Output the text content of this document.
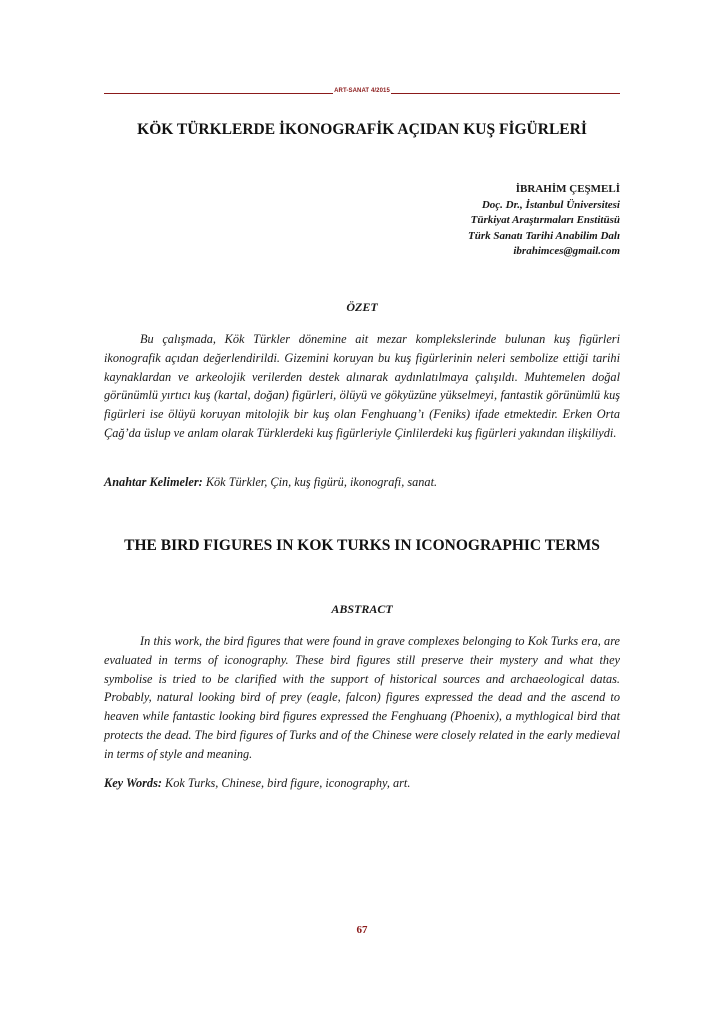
ART-SANAT 4/2015
KÖK TÜRKLERDE İKONOGRAFİK AÇIDAN KUŞ FİGÜRLERİ
İBRAHİM ÇEŞMELİ
Doç. Dr., İstanbul Üniversitesi
Türkiyat Araştırmaları Enstitüsü
Türk Sanatı Tarihi Anabilim Dalı
ibrahimces@gmail.com
ÖZET
Bu çalışmada, Kök Türkler dönemine ait mezar komplekslerinde bulunan kuş figürleri ikonografik açıdan değerlendirildi. Gizemini koruyan bu kuş figürlerinin neleri sembolize ettiği tarihi kaynaklardan ve arkeolojik verilerden destek alınarak aydınlatılmaya çalışıldı. Muhtemelen doğal görünümlü yırtıcı kuş (kartal, doğan) figürleri, ölüyü ve gökyüzüne yükselmeyi, fantastik görünümlü kuş figürleri ise ölüyü koruyan mitolojik bir kuş olan Fenghuang’ı (Feniks) ifade etmektedir. Erken Orta Çağ’da üslup ve anlam olarak Türklerdeki kuş figürleriyle Çinlilerdeki kuş figürleri yakından ilişkiliydi.
Anahtar Kelimeler: Kök Türkler, Çin, kuş figürü, ikonografi, sanat.
THE BIRD FIGURES IN KOK TURKS IN ICONOGRAPHIC TERMS
ABSTRACT
In this work, the bird figures that were found in grave complexes belonging to Kok Turks era, are evaluated in terms of iconography. These bird figures still preserve their mystery and what they symbolise is tried to be clarified with the support of historical sources and archaeological datas. Probably, natural looking bird of prey (eagle, falcon) figures expressed the dead and the ascend to heaven while fantastic looking bird figures expressed the Fenghuang (Phoenix), a mythlogical bird that protects the dead. The bird figures of Turks and of the Chinese were closely related in the early medieval in terms of style and meaning.
Key Words: Kok Turks, Chinese, bird figure, iconography, art.
67
